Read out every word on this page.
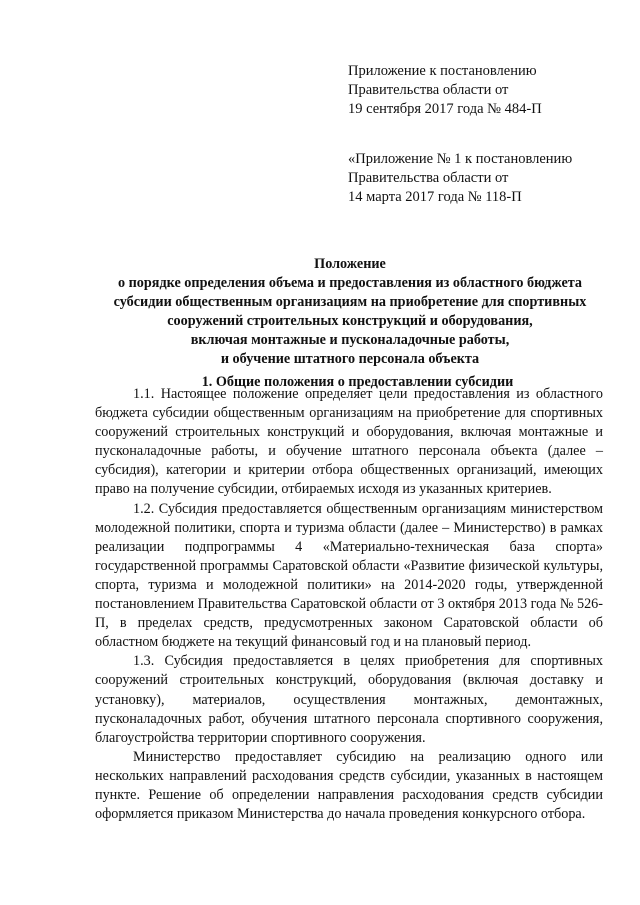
Приложение к постановлению
Правительства области от
19 сентября 2017 года № 484-П
«Приложение № 1 к постановлению
Правительства области от
14 марта 2017 года № 118-П
Положение
о порядке определения объема и предоставления из областного бюджета
субсидии общественным организациям на приобретение для спортивных
сооружений строительных конструкций и оборудования,
включая монтажные и пусконаладочные работы,
и обучение штатного персонала объекта
1. Общие положения о предоставлении субсидии

1.1. Настоящее положение определяет цели предоставления из областного бюджета субсидии общественным организациям на приобретение для спортивных сооружений строительных конструкций и оборудования, включая монтажные и пусконаладочные работы, и обучение штатного персонала объекта (далее – субсидия), категории и критерии отбора общественных организаций, имеющих право на получение субсидии, отбираемых исходя из указанных критериев.

1.2. Субсидия предоставляется общественным организациям министерством молодежной политики, спорта и туризма области (далее – Министерство) в рамках реализации подпрограммы 4 «Материально-техническая база спорта» государственной программы Саратовской области «Развитие физической культуры, спорта, туризма и молодежной политики» на 2014-2020 годы, утвержденной постановлением Правительства Саратовской области от 3 октября 2013 года № 526-П, в пределах средств, предусмотренных законом Саратовской области об областном бюджете на текущий финансовый год и на плановый период.

1.3. Субсидия предоставляется в целях приобретения для спортивных сооружений строительных конструкций, оборудования (включая доставку и установку), материалов, осуществления монтажных, демонтажных, пусконаладочных работ, обучения штатного персонала спортивного сооружения, благоустройства территории спортивного сооружения.

Министерство предоставляет субсидию на реализацию одного или нескольких направлений расходования средств субсидии, указанных в настоящем пункте. Решение об определении направления расходования средств субсидии оформляется приказом Министерства до начала проведения конкурсного отбора.
